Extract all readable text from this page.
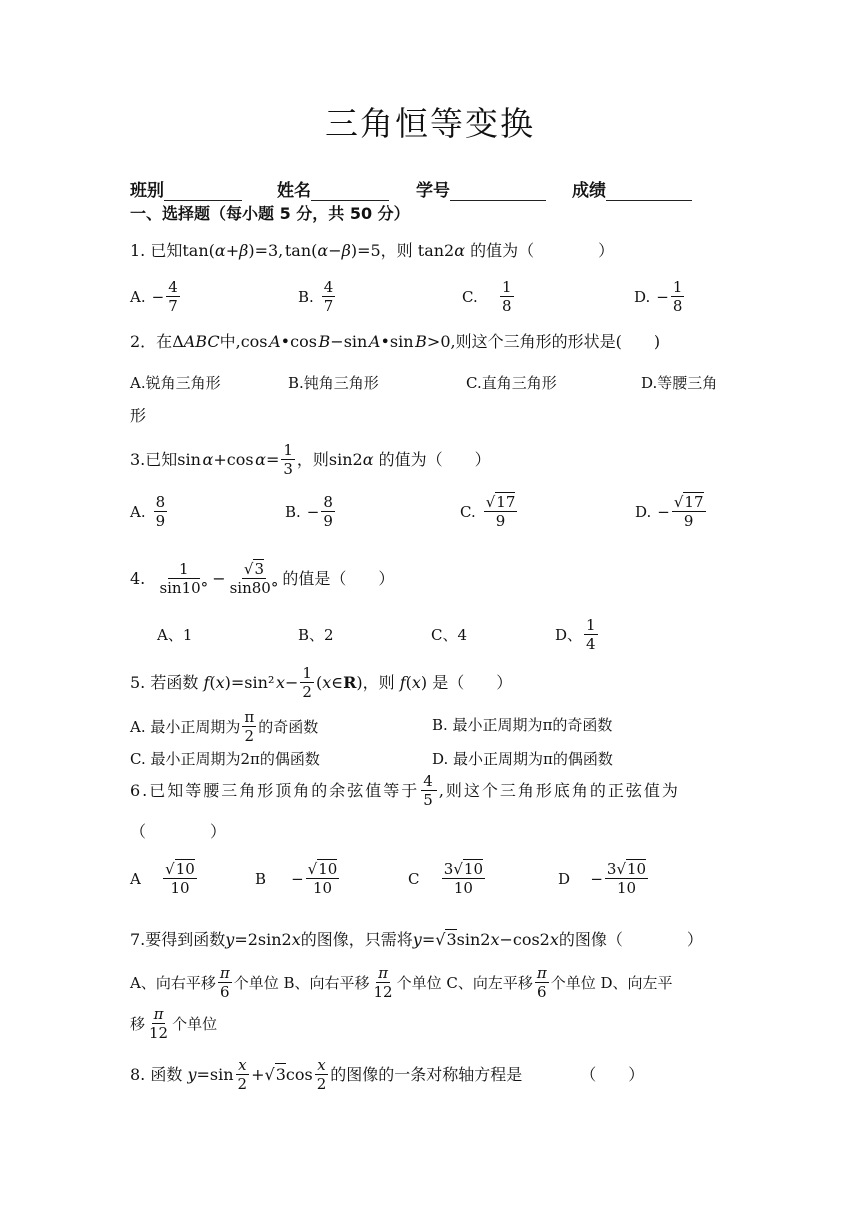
三角恒等变换
班别	姓名	学号	成绩
一、选择题（每小题 5 分，共 50 分）
1. 已知tan(α+β)=3, tan(α−β)=5，则 tan2α 的值为（　　　　）
A. − $\frac{4}{7}$	B. $\frac{4}{7}$	C.
$\frac{1}{8}$	D. − $\frac{1}{8}$
2．在ΔABC中,cos A•cos B−sin A•sin B>0,则这个三角形的形状是(　　)
A.锐角三角形	B.钝角三角形	C.直角三角形	D.等腰三角
形
3.已知 sin  α +cos  $\alpha = \frac{1}{3}$ ，则 sin2 α
的值为（　　）
A. $\frac{8}{9}$	B. − $\frac{8}{9}$	C. $\frac{√17}{9}$	D. − $\frac{√17}{9}$
4.
$\frac{1}{\sin 10^\circ} - \frac{√3}{\sin 80^\circ}$ 的值是（　　）
A、1	B、2	C、4	D、 $\frac{1}{4}$
5. 若函数
f ( x )=sin²  $x - \frac{1}{2}$ ( x ∈ R ) ，则
f ( x ) 是（　　）
A. 最小正周期为 $\frac{\pi}{2}$ 的奇函数	B. 最小正周期为 π 的奇函数
C. 最小正周期为 2π 的偶函数	D. 最小正周期为 π 的偶函数
6.已知等腰三角形顶角的余弦值等于 $\frac{4}{5}$ ,则这个三角形底角的正弦值为
（　　　　）
A
$\frac{√10}{10}$	$B - \frac{√10}{10}$	C
$\frac{3√10}{10}$	$D - \frac{3√10}{10}$
7.要得到函数y=2sin2x的图像，只需将y=√3sin2x−cos2x的图像（　　　　）
A、向右平移 $\frac{\pi}{6}$ 个单位 B、向右平移 $\frac{\pi}{12}$ 个单位 C、向左平移 $\frac{\pi}{6}$ 个单位 D、向左平
移 $\frac{\pi}{12}$ 个单位
8. 函数
$y =\sin \frac{x}{2}$ +√ 3 $\cos \frac{x}{2}$ 的图像的一条对称轴方程是	（　　）
